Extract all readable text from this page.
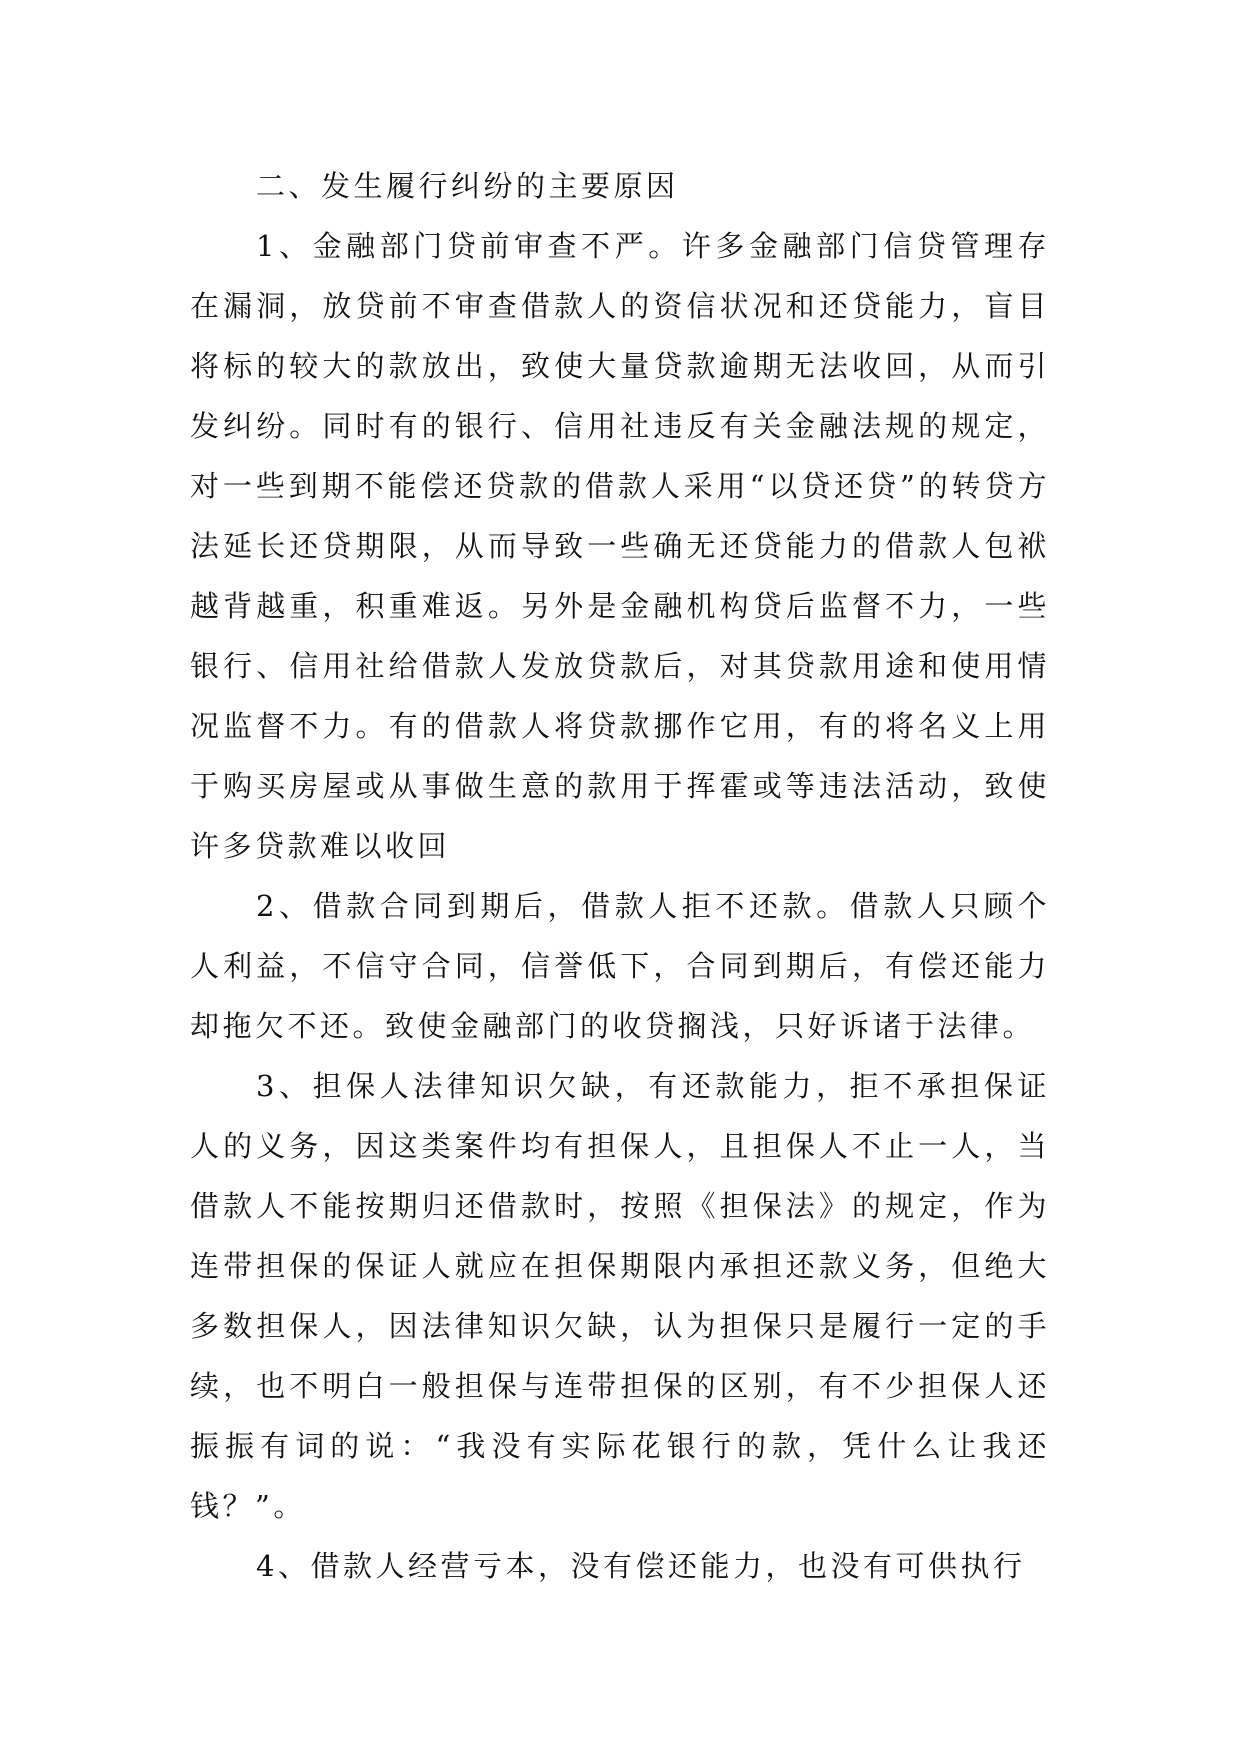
二、发生履行纠纷的主要原因

1、金融部门贷前审查不严。许多金融部门信贷管理存在漏洞，放贷前不审查借款人的资信状况和还贷能力，盲目将标的较大的款放出，致使大量贷款逾期无法收回，从而引发纠纷。同时有的银行、信用社违反有关金融法规的规定，对一些到期不能偿还贷款的借款人采用“以贷还贷”的转贷方法延长还贷期限，从而导致一些确无还贷能力的借款人包袱越背越重，积重难返。另外是金融机构贷后监督不力，一些银行、信用社给借款人发放贷款后，对其贷款用途和使用情况监督不力。有的借款人将贷款挪作它用，有的将名义上用于购买房屋或从事做生意的款用于挥霍或等违法活动，致使许多贷款难以收回

2、借款合同到期后，借款人拒不还款。借款人只顾个人利益，不信守合同，信誉低下，合同到期后，有偿还能力却拖欠不还。致使金融部门的收贷搁浅，只好诉诸于法律。

3、担保人法律知识欠缺，有还款能力，拒不承担保证人的义务，因这类案件均有担保人，且担保人不止一人，当借款人不能按期归还借款时，按照《担保法》的规定，作为连带担保的保证人就应在担保期限内承担还款义务，但绝大多数担保人，因法律知识欠缺，认为担保只是履行一定的手续，也不明白一般担保与连带担保的区别，有不少担保人还振振有词的说：“我没有实际花银行的款，凭什么让我还钱？”。

4、借款人经营亏本，没有偿还能力，也没有可供执行
